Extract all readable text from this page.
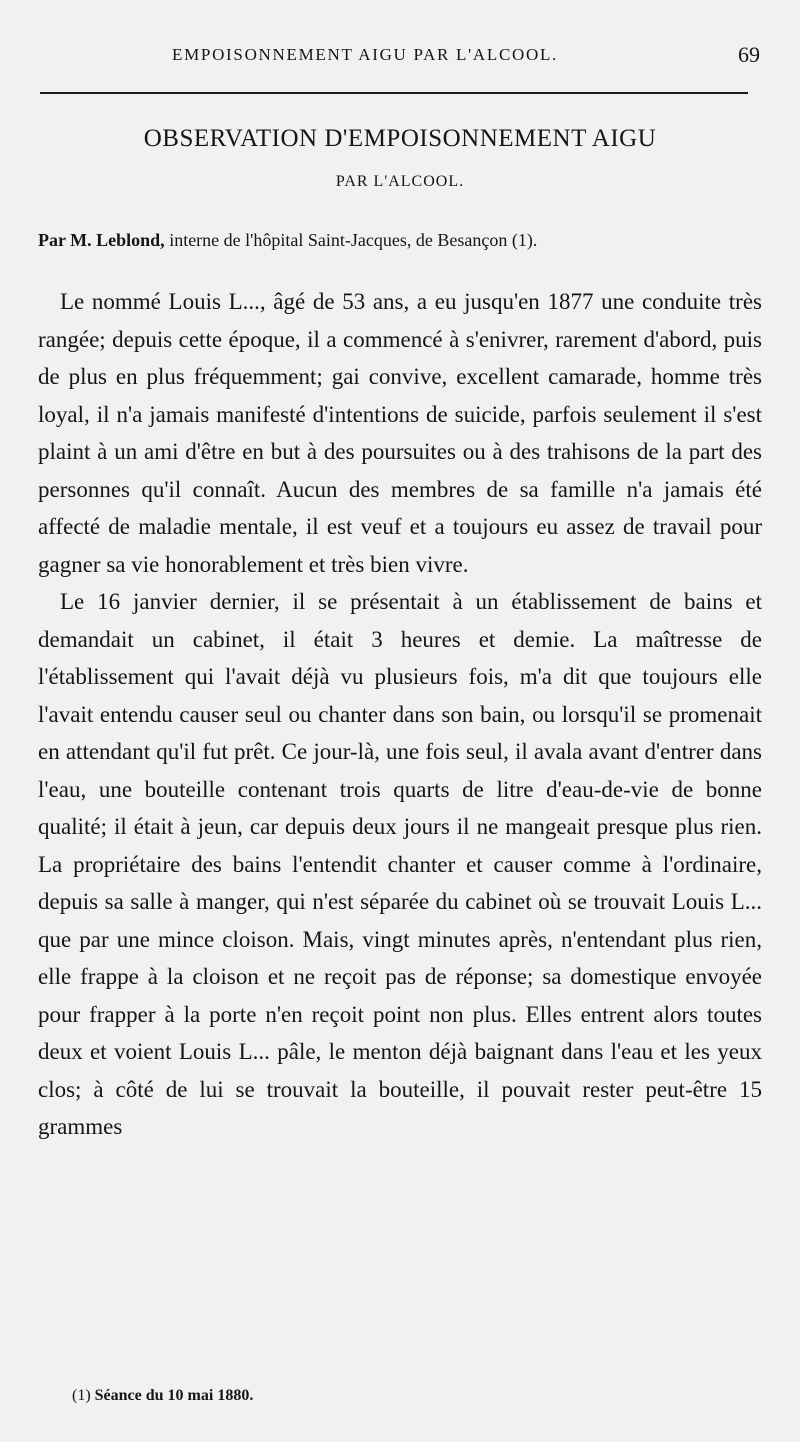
EMPOISONNEMENT AIGU PAR L'ALCOOL.	69
OBSERVATION D'EMPOISONNEMENT AIGU
PAR L'ALCOOL.
Par M. Leblond, interne de l'hôpital Saint-Jacques, de Besançon (1).

Le nommé Louis L..., âgé de 53 ans, a eu jusqu'en 1877 une conduite très rangée; depuis cette époque, il a commencé à s'enivrer, rarement d'abord, puis de plus en plus fréquemment; gai convive, excellent camarade, homme très loyal, il n'a jamais manifesté d'intentions de suicide, parfois seulement il s'est plaint à un ami d'être en but à des poursuites ou à des trahisons de la part des personnes qu'il connaît. Aucun des membres de sa famille n'a jamais été affecté de maladie mentale, il est veuf et a toujours eu assez de travail pour gagner sa vie honorablement et très bien vivre.

Le 16 janvier dernier, il se présentait à un établissement de bains et demandait un cabinet, il était 3 heures et demie. La maîtresse de l'établissement qui l'avait déjà vu plusieurs fois, m'a dit que toujours elle l'avait entendu causer seul ou chanter dans son bain, ou lorsqu'il se promenait en attendant qu'il fut prêt. Ce jour-là, une fois seul, il avala avant d'entrer dans l'eau, une bouteille contenant trois quarts de litre d'eau-de-vie de bonne qualité; il était à jeun, car depuis deux jours il ne mangeait presque plus rien. La propriétaire des bains l'entendit chanter et causer comme à l'ordinaire, depuis sa salle à manger, qui n'est séparée du cabinet où se trouvait Louis L... que par une mince cloison. Mais, vingt minutes après, n'entendant plus rien, elle frappe à la cloison et ne reçoit pas de réponse; sa domestique envoyée pour frapper à la porte n'en reçoit point non plus. Elles entrent alors toutes deux et voient Louis L... pâle, le menton déjà baignant dans l'eau et les yeux clos; à côté de lui se trouvait la bouteille, il pouvait rester peut-être 15 grammes

(1) Séance du 10 mai 1880.
